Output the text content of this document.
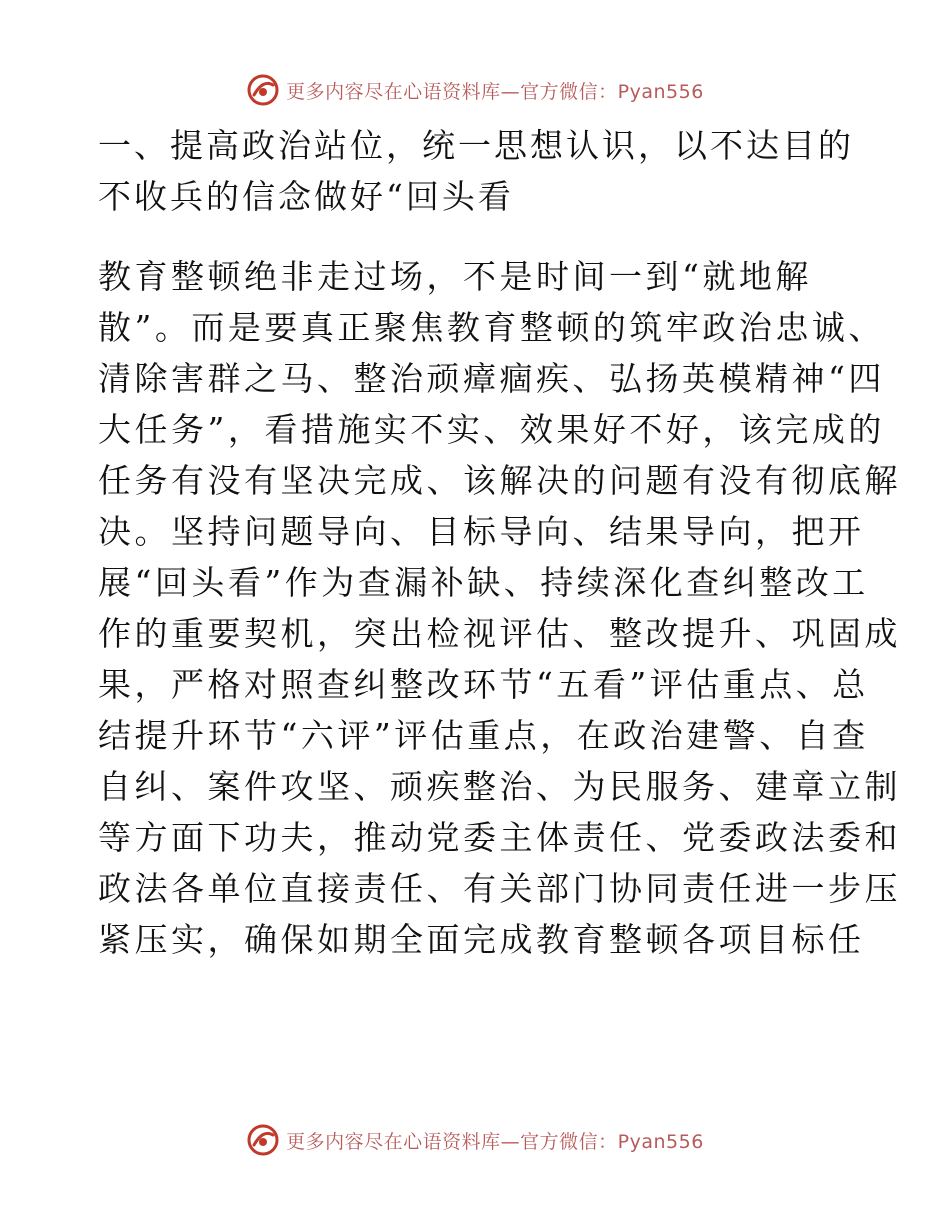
更多内容尽在心语资料库—官方微信：Pyan556
一、提高政治站位，统一思想认识，以不达目的
不收兵的信念做好“回头看

教育整顿绝非走过场，不是时间一到“就地解
散”。而是要真正聚焦教育整顿的筑牢政治忠诚、
清除害群之马、整治顽瘴痼疾、弘扬英模精神“四
大任务”，看措施实不实、效果好不好，该完成的
任务有没有坚决完成、该解决的问题有没有彻底解
决。坚持问题导向、目标导向、结果导向，把开
展“回头看”作为查漏补缺、持续深化查纠整改工
作的重要契机，突出检视评估、整改提升、巩固成
果，严格对照查纠整改环节“五看”评估重点、总
结提升环节“六评”评估重点，在政治建警、自查
自纠、案件攻坚、顽疾整治、为民服务、建章立制
等方面下功夫，推动党委主体责任、党委政法委和
政法各单位直接责任、有关部门协同责任进一步压
紧压实，确保如期全面完成教育整顿各项目标任

更多内容尽在心语资料库—官方微信：Pyan556
